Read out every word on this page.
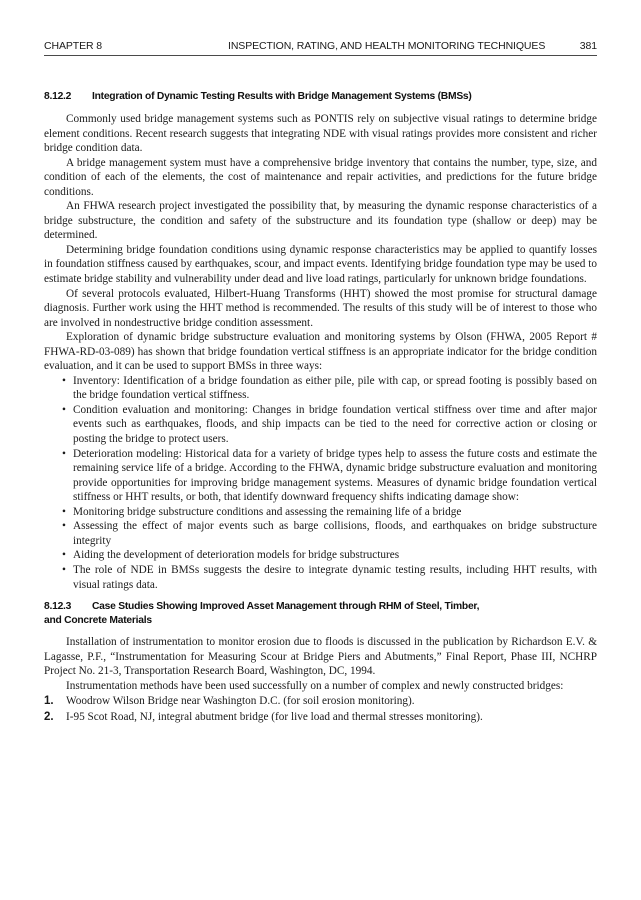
CHAPTER 8	INSPECTION, RATING, AND HEALTH MONITORING TECHNIQUES	381
8.12.2 Integration of Dynamic Testing Results with Bridge Management Systems (BMSs)

Commonly used bridge management systems such as PONTIS rely on subjective visual ratings to determine bridge element conditions. Recent research suggests that integrating NDE with visual ratings provides more consistent and richer bridge condition data.

A bridge management system must have a comprehensive bridge inventory that contains the number, type, size, and condition of each of the elements, the cost of maintenance and repair activities, and predictions for the future bridge conditions.

An FHWA research project investigated the possibility that, by measuring the dynamic response characteristics of a bridge substructure, the condition and safety of the substructure and its foundation type (shallow or deep) may be determined.

Determining bridge foundation conditions using dynamic response characteristics may be applied to quantify losses in foundation stiffness caused by earthquakes, scour, and impact events. Identifying bridge foundation type may be used to estimate bridge stability and vulnerability under dead and live load ratings, particularly for unknown bridge foundations.

Of several protocols evaluated, Hilbert-Huang Transforms (HHT) showed the most promise for structural damage diagnosis. Further work using the HHT method is recommended. The results of this study will be of interest to those who are involved in nondestructive bridge condition assessment.

Exploration of dynamic bridge substructure evaluation and monitoring systems by Olson (FHWA, 2005 Report # FHWA-RD-03-089) has shown that bridge foundation vertical stiffness is an appropriate indicator for the bridge condition evaluation, and it can be used to support BMSs in three ways:

• Inventory: Identification of a bridge foundation as either pile, pile with cap, or spread footing is possibly based on the bridge foundation vertical stiffness.
• Condition evaluation and monitoring: Changes in bridge foundation vertical stiffness over time and after major events such as earthquakes, floods, and ship impacts can be tied to the need for corrective action or closing or posting the bridge to protect users.
• Deterioration modeling: Historical data for a variety of bridge types help to assess the future costs and estimate the remaining service life of a bridge. According to the FHWA, dynamic bridge substructure evaluation and monitoring provide opportunities for improving bridge management systems. Measures of dynamic bridge foundation vertical stiffness or HHT results, or both, that identify downward frequency shifts indicating damage show:
• Monitoring bridge substructure conditions and assessing the remaining life of a bridge
• Assessing the effect of major events such as barge collisions, floods, and earthquakes on bridge substructure integrity
• Aiding the development of deterioration models for bridge substructures
• The role of NDE in BMSs suggests the desire to integrate dynamic testing results, including HHT results, with visual ratings data.
8.12.3 Case Studies Showing Improved Asset Management through RHM of Steel, Timber,
and Concrete Materials

Installation of instrumentation to monitor erosion due to floods is discussed in the publication by Richardson E.V. & Lagasse, P.F., “Instrumentation for Measuring Scour at Bridge Piers and Abutments,” Final Report, Phase III, NCHRP Project No. 21-3, Transportation Research Board, Washington, DC, 1994.

Instrumentation methods have been used successfully on a number of complex and newly constructed bridges:

1. Woodrow Wilson Bridge near Washington D.C. (for soil erosion monitoring).
2. I-95 Scot Road, NJ, integral abutment bridge (for live load and thermal stresses monitoring).
